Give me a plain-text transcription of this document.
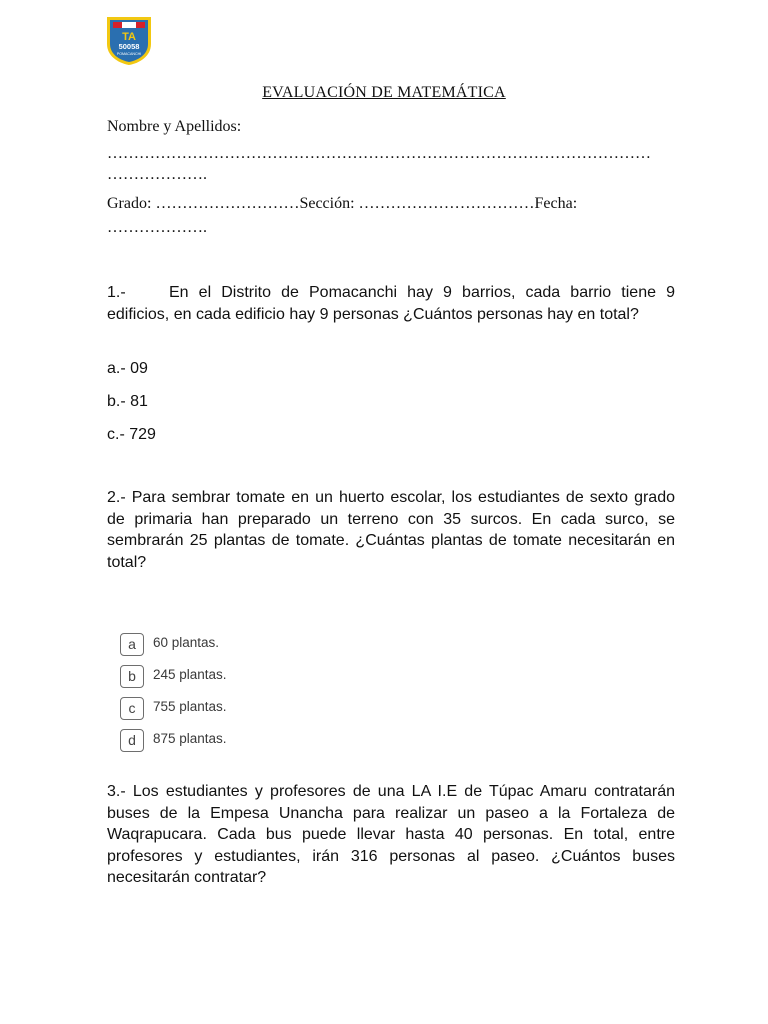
TA
50058
POMACANCHI
EVALUACIÓN DE MATEMÁTICA
Nombre y Apellidos:
…………………………………………………………………………………………
……………….
Grado: ………………………Sección: ……………………………Fecha:
……………….
1.-	En el Distrito de Pomacanchi hay 9 barrios, cada barrio tiene 9 edificios, en cada edificio hay 9 personas ¿Cuántos personas hay en total?
a.- 09
b.- 81
c.- 729
2.- Para sembrar tomate en un huerto escolar, los estudiantes de sexto grado de primaria han preparado un terreno con 35 surcos. En cada surco, se sembrarán 25 plantas de tomate. ¿Cuántas plantas de tomate necesitarán en total?
a	60 plantas.
b	245 plantas.
c	755 plantas.
d	875 plantas.
3.- Los estudiantes y profesores de una LA I.E de Túpac Amaru contratarán buses de la Empesa Unancha para realizar un paseo a la Fortaleza de Waqrapucara. Cada bus puede llevar hasta 40 personas. En total, entre profesores y estudiantes, irán 316 personas al paseo. ¿Cuántos buses necesitarán contratar?
